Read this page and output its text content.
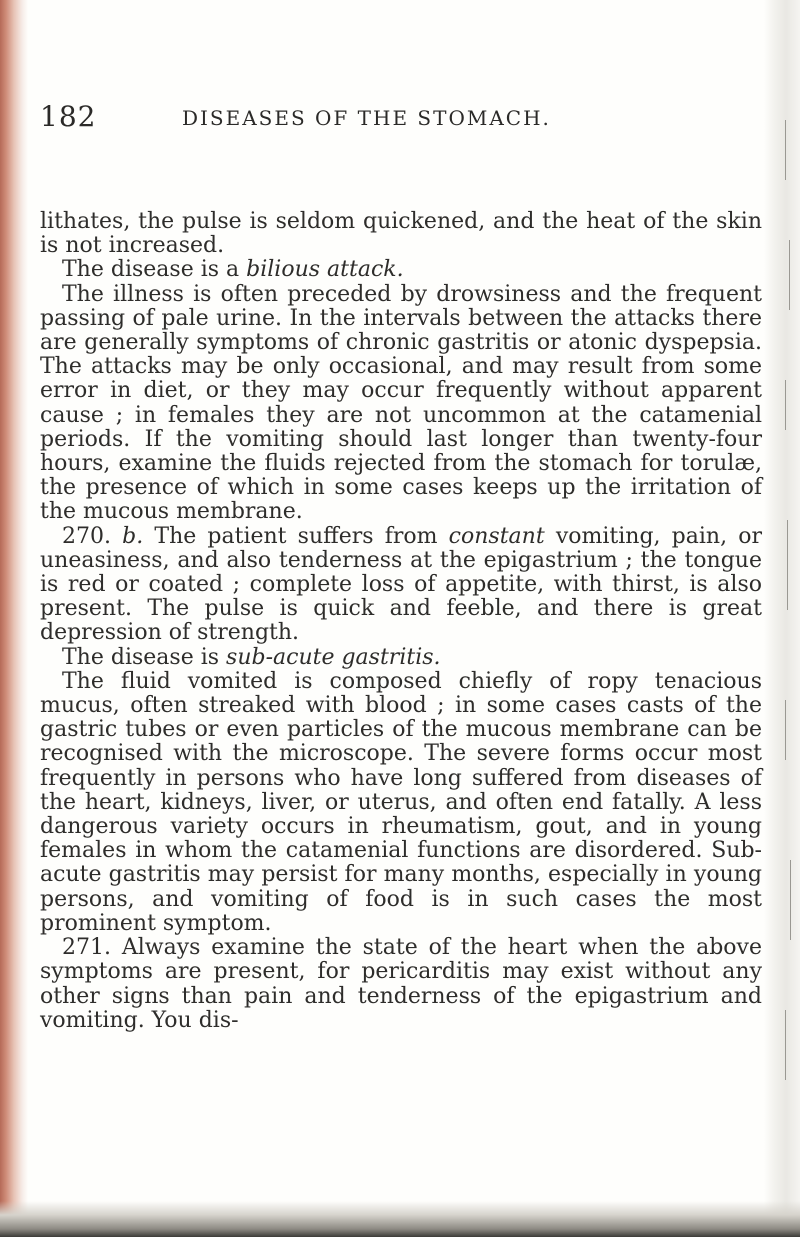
182	DISEASES OF THE STOMACH.

lithates, the pulse is seldom quickened, and the heat of the skin is not increased.

The disease is a bilious attack.

The illness is often preceded by drowsiness and the frequent passing of pale urine. In the intervals between the attacks there are generally symptoms of chronic gastritis or atonic dyspepsia. The attacks may be only occasional, and may result from some error in diet, or they may occur frequently without apparent cause ; in females they are not uncommon at the catamenial periods. If the vomiting should last longer than twenty-four hours, examine the fluids rejected from the stomach for torulæ, the presence of which in some cases keeps up the irritation of the mucous membrane.

270. b. The patient suffers from constant vomiting, pain, or uneasiness, and also tenderness at the epigastrium ; the tongue is red or coated ; complete loss of appetite, with thirst, is also present. The pulse is quick and feeble, and there is great depression of strength.

The disease is sub-acute gastritis.

The fluid vomited is composed chiefly of ropy tenacious mucus, often streaked with blood ; in some cases casts of the gastric tubes or even particles of the mucous membrane can be recognised with the microscope. The severe forms occur most frequently in persons who have long suffered from diseases of the heart, kidneys, liver, or uterus, and often end fatally. A less dangerous variety occurs in rheumatism, gout, and in young females in whom the catamenial functions are disordered. Sub-acute gastritis may persist for many months, especially in young persons, and vomiting of food is in such cases the most prominent symptom.

271. Always examine the state of the heart when the above symptoms are present, for pericarditis may exist without any other signs than pain and tenderness of the epigastrium and vomiting. You dis-
